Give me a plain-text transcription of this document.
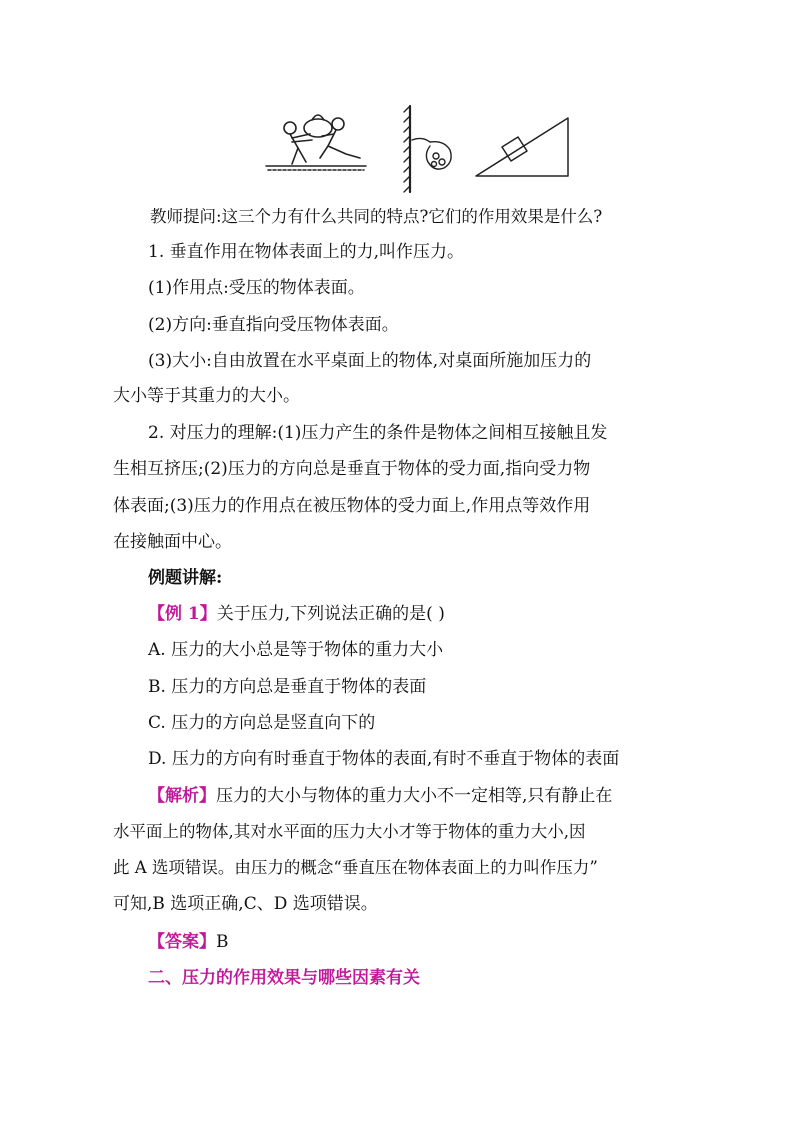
教师提问:这三个力有什么共同的特点?它们的作用效果是什么?
1. 垂直作用在物体表面上的力,叫作压力。
(1)作用点:受压的物体表面。
(2)方向:垂直指向受压物体表面。
(3)大小:自由放置在水平桌面上的物体,对桌面所施加压力的
大小等于其重力的大小。
2. 对压力的理解:(1)压力产生的条件是物体之间相互接触且发
生相互挤压;(2)压力的方向总是垂直于物体的受力面,指向受力物
体表面;(3)压力的作用点在被压物体的受力面上,作用点等效作用
在接触面中心。
例题讲解:
【例 1】关于压力,下列说法正确的是( )
A. 压力的大小总是等于物体的重力大小
B. 压力的方向总是垂直于物体的表面
C. 压力的方向总是竖直向下的
D. 压力的方向有时垂直于物体的表面,有时不垂直于物体的表面
【解析】压力的大小与物体的重力大小不一定相等,只有静止在
水平面上的物体,其对水平面的压力大小才等于物体的重力大小,因
此 A 选项错误。由压力的概念“垂直压在物体表面上的力叫作压力”
可知,B 选项正确,C、D 选项错误。
【答案】B
二、压力的作用效果与哪些因素有关
